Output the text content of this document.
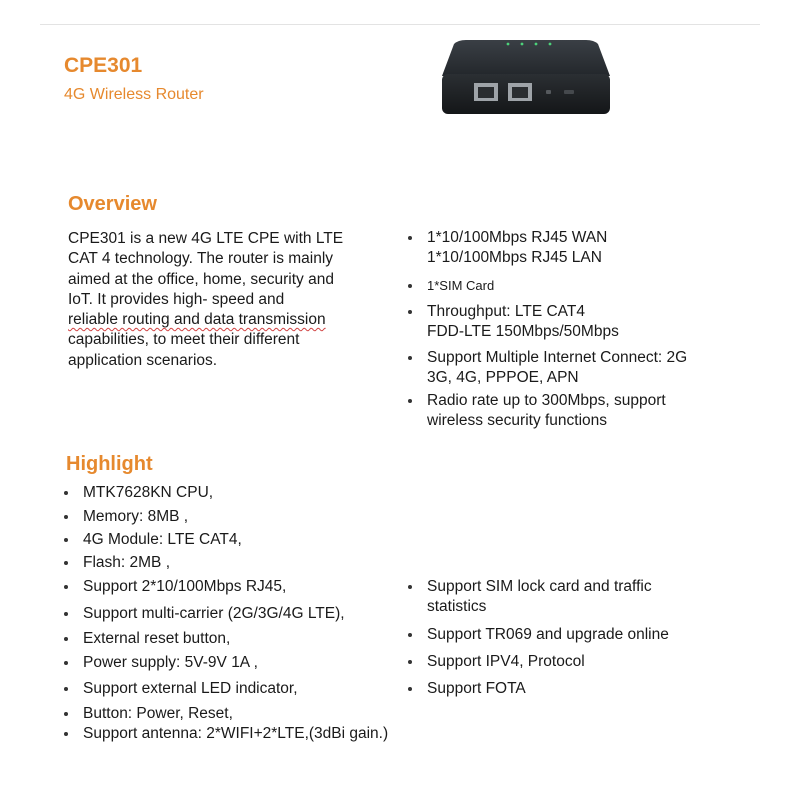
CPE301
4G Wireless Router
Overview
CPE301 is a new 4G LTE CPE with LTE
CAT 4 technology. The router is mainly
aimed at the office, home, security and
IoT. It provides high- speed and
reliable routing and data transmission
capabilities, to meet their different
application scenarios.
1*10/100Mbps RJ45 WAN
1*10/100Mbps RJ45 LAN
1*SIM Card
Throughput: LTE CAT4
FDD-LTE 150Mbps/50Mbps
Support Multiple Internet Connect: 2G
3G, 4G, PPPOE, APN
Radio rate up to 300Mbps, support
wireless security functions
Highlight
MTK7628KN CPU,
Memory: 8MB ,
4G Module: LTE CAT4,
Flash: 2MB ,
Support 2*10/100Mbps RJ45,
Support multi-carrier (2G/3G/4G LTE),
External reset button,
Power supply: 5V-9V 1A ,
Support external LED indicator,
Button: Power, Reset,
Support antenna: 2*WIFI+2*LTE,(3dBi gain.)
Support SIM lock card and traffic
statistics
Support TR069 and upgrade online
Support IPV4, Protocol
Support FOTA
